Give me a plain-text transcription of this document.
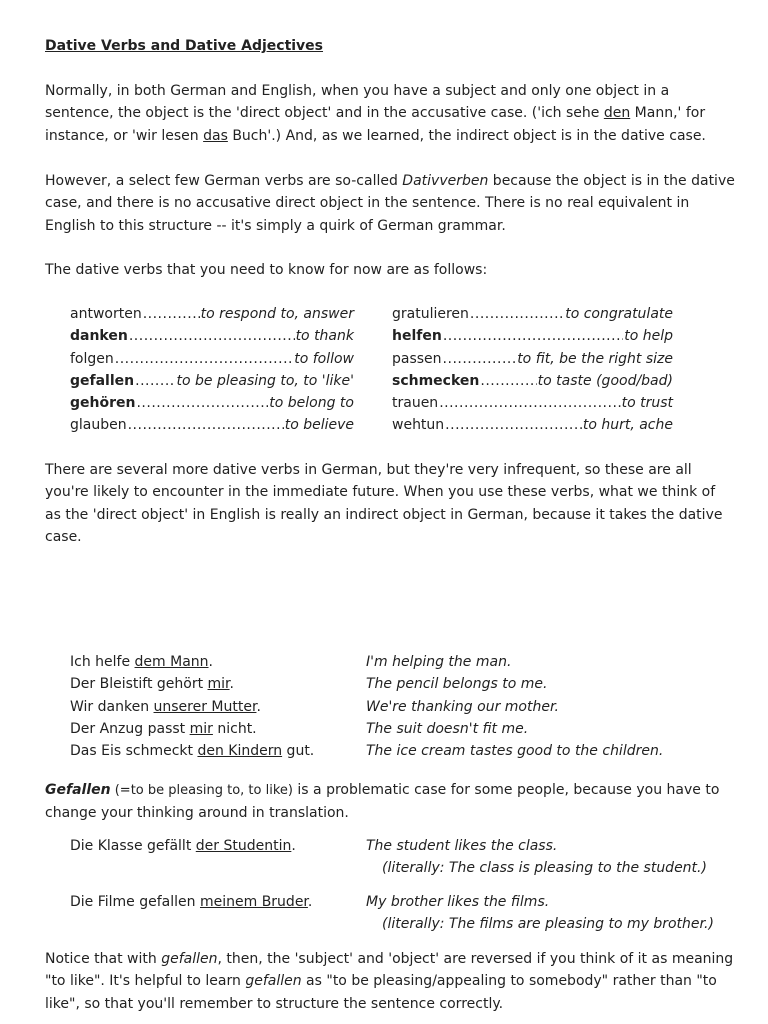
Dative Verbs and Dative Adjectives
Normally, in both German and English, when you have a subject and only one object in a sentence, the object is the 'direct object' and in the accusative case. ('ich sehe den Mann,' for instance, or 'wir lesen das Buch'.) And, as we learned, the indirect object is in the dative case.
However, a select few German verbs are so-called Dativverben because the object is in the dative case, and there is no accusative direct object in the sentence. There is no real equivalent in English to this structure -- it's simply a quirk of German grammar.
The dative verbs that you need to know for now are as follows:
antworten .....	to respond to, answer
danken .....	to thank
folgen .....	to follow
gefallen .....	to be pleasing to, to 'like'
gehören .....	to belong to
glauben .....	to believe
gratulieren .....	to congratulate
helfen .....	to help
passen .....	to fit, be the right size
schmecken .....	to taste (good/bad)
trauen .....	to trust
wehtun .....	to hurt, ache
There are several more dative verbs in German, but they're very infrequent, so these are all you're likely to encounter in the immediate future. When you use these verbs, what we think of as the 'direct object' in English is really an indirect object in German, because it takes the dative case.
Ich helfe dem Mann.	I'm helping the man.
Der Bleistift gehört mir.	The pencil belongs to me.
Wir danken unserer Mutter.	We're thanking our mother.
Der Anzug passt mir nicht.	The suit doesn't fit me.
Das Eis schmeckt den Kindern gut.	The ice cream tastes good to the children.
Gefallen (=to be pleasing to, to like) is a problematic case for some people, because you have to change your thinking around in translation.
Die Klasse gefällt der Studentin.	The student likes the class.
(literally: The class is pleasing to the student.)
Die Filme gefallen meinem Bruder.	My brother likes the films.
(literally: The films are pleasing to my brother.)
Notice that with gefallen, then, the 'subject' and 'object' are reversed if you think of it as meaning "to like". It's helpful to learn gefallen as "to be pleasing/appealing to somebody" rather than "to like", so that you'll remember to structure the sentence correctly.
